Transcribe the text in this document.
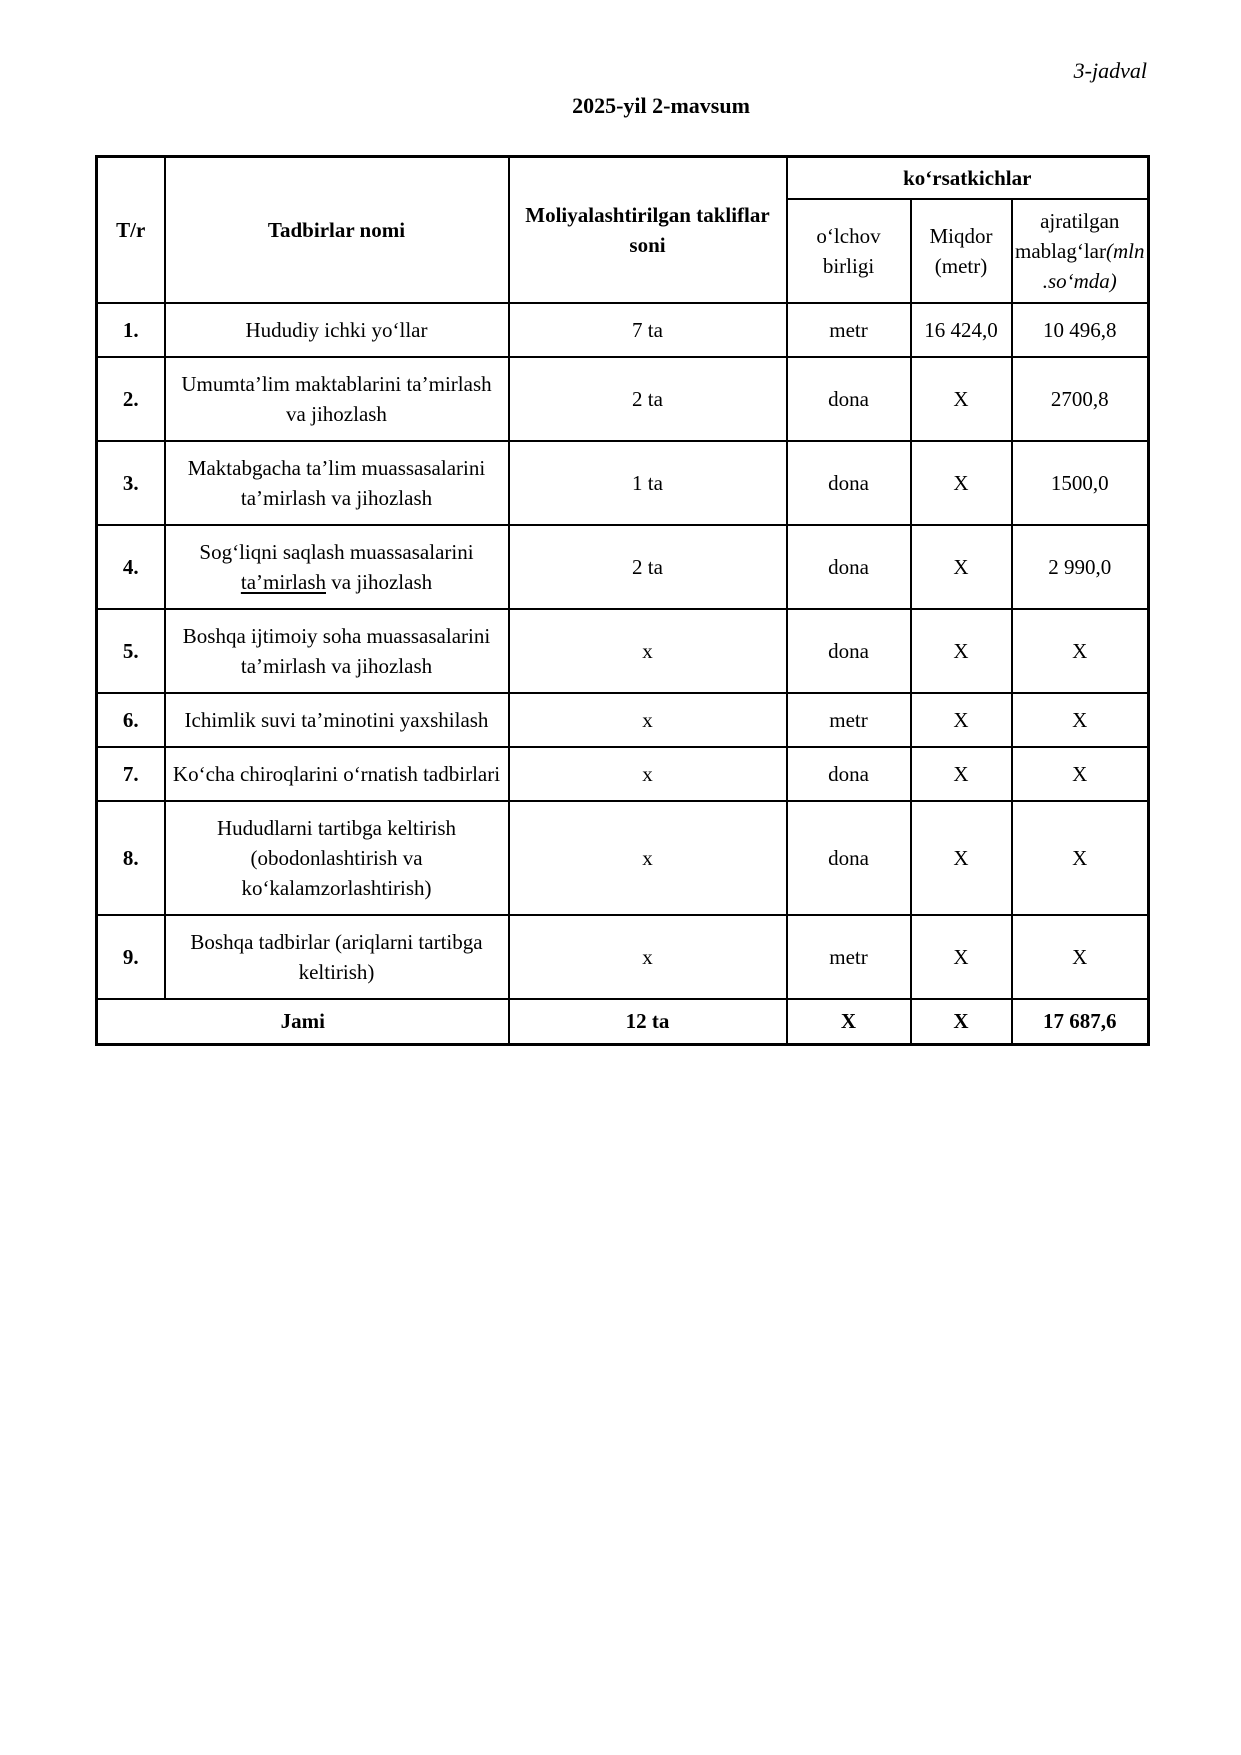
3-jadval
2025-yil 2-mavsum
T/r	Tadbirlar nomi	Moliyalashtirilgan takliflar soni	ko‘rsatkichlar		
			o‘lchov birligi	Miqdor (metr)	ajratilgan mablag‘lar(mln.so‘mda)
1.	Hududiy ichki yo‘llar	7 ta	metr	16 424,0	10 496,8
2.	Umumta’lim maktablarini ta’mirlash va jihozlash	2 ta	dona	X	2700,8
3.	Maktabgacha ta’lim muassasalarini ta’mirlash va jihozlash	1 ta	dona	X	1500,0
4.	Sog‘liqni saqlash muassasalarini ta’mirlash va jihozlash	2 ta	dona	X	2 990,0
5.	Boshqa ijtimoiy soha muassasalarini ta’mirlash va jihozlash	x	dona	X	X
6.	Ichimlik suvi ta’minotini yaxshilash	x	metr	X	X
7.	Ko‘cha chiroqlarini o‘rnatish tadbirlari	x	dona	X	X
8.	Hududlarni tartibga keltirish (obodonlashtirish va ko‘kalamzorlashtirish)	x	dona	X	X
9.	Boshqa tadbirlar (ariqlarni tartibga keltirish)	x	metr	X	X
Jami		12 ta	X	X	17 687,6
